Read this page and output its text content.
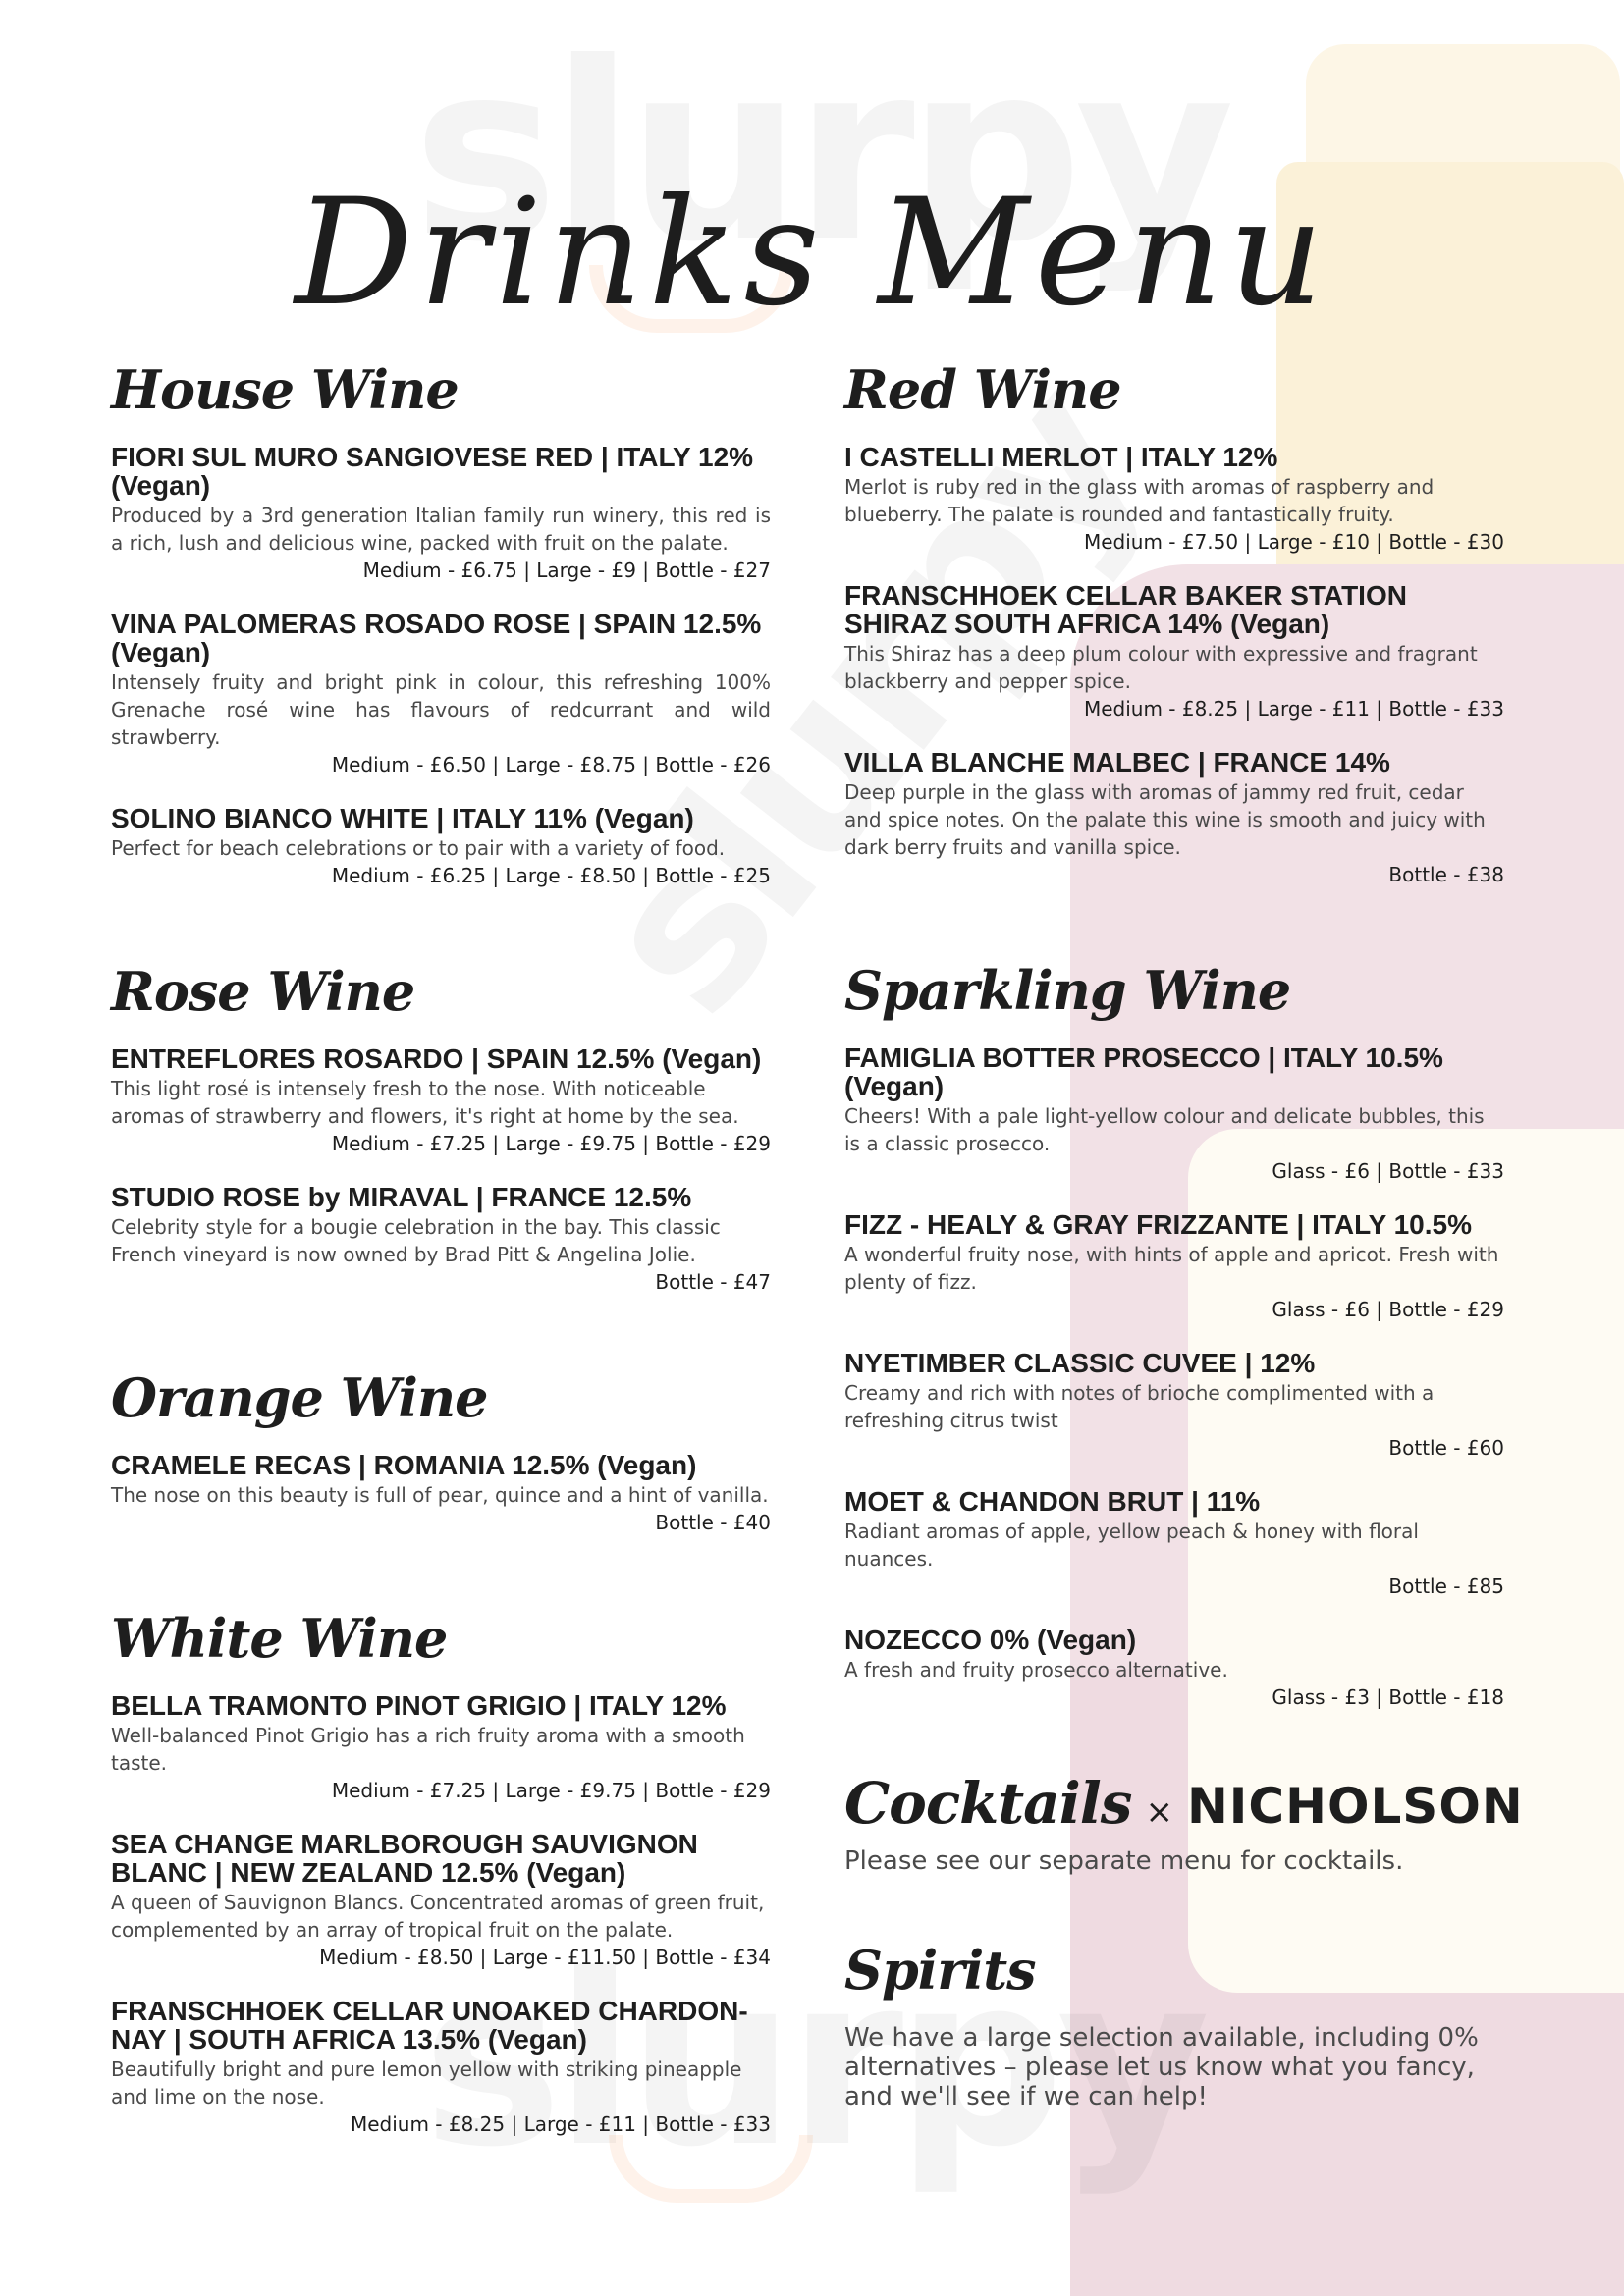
Drinks Menu
House Wine

FIORI SUL MURO SANGIOVESE RED | ITALY 12% (Vegan)

Produced by a 3rd generation Italian family run winery, this red is a rich, lush and delicious wine, packed with fruit on the palate.

Medium - £6.75 | Large - £9 | Bottle - £27

VINA PALOMERAS ROSADO ROSE | SPAIN 12.5% (Vegan)

Intensely fruity and bright pink in colour, this refreshing 100% Grenache rosé wine has flavours of redcurrant and wild strawberry.

Medium - £6.50 | Large - £8.75 | Bottle - £26

SOLINO BIANCO WHITE | ITALY 11% (Vegan)

Perfect for beach celebrations or to pair with a variety of food.

Medium - £6.25 | Large - £8.50 | Bottle - £25

Rose Wine

ENTREFLORES ROSARDO | SPAIN 12.5% (Vegan)

This light rosé is intensely fresh to the nose. With noticeable aromas of strawberry and flowers, it's right at home by the sea.

Medium - £7.25 | Large - £9.75 | Bottle - £29

STUDIO ROSE by MIRAVAL | FRANCE 12.5%

Celebrity style for a bougie celebration in the bay. This classic French vineyard is now owned by Brad Pitt & Angelina Jolie.

Bottle - £47

Orange Wine

CRAMELE RECAS | ROMANIA 12.5% (Vegan)

The nose on this beauty is full of pear, quince and a hint of vanilla.

Bottle - £40

White Wine

BELLA TRAMONTO PINOT GRIGIO | ITALY 12%

Well-balanced Pinot Grigio has a rich fruity aroma with a smooth taste.

Medium - £7.25 | Large - £9.75 | Bottle - £29

SEA CHANGE MARLBOROUGH SAUVIGNON BLANC | NEW ZEALAND 12.5% (Vegan)

A queen of Sauvignon Blancs. Concentrated aromas of green fruit, complemented by an array of tropical fruit on the palate.

Medium - £8.50 | Large - £11.50 | Bottle - £34

FRANSCHHOEK CELLAR UNOAKED CHARDON-NAY | SOUTH AFRICA 13.5% (Vegan)

Beautifully bright and pure lemon yellow with striking pineapple and lime on the nose.

Medium - £8.25 | Large - £11 | Bottle - £33

Red Wine

I CASTELLI MERLOT | ITALY 12%

Merlot is ruby red in the glass with aromas of raspberry and blueberry. The palate is rounded and fantastically fruity.

Medium - £7.50 | Large - £10 | Bottle - £30

FRANSCHHOEK CELLAR BAKER STATION SHIRAZ SOUTH AFRICA 14% (Vegan)

This Shiraz has a deep plum colour with expressive and fragrant blackberry and pepper spice.

Medium - £8.25 | Large - £11 | Bottle - £33

VILLA BLANCHE MALBEC | FRANCE 14%

Deep purple in the glass with aromas of jammy red fruit, cedar and spice notes. On the palate this wine is smooth and juicy with dark berry fruits and vanilla spice.

Bottle - £38

Sparkling Wine

FAMIGLIA BOTTER PROSECCO | ITALY 10.5% (Vegan)

Cheers! With a pale light-yellow colour and delicate bubbles, this is a classic prosecco.

Glass - £6 | Bottle - £33

FIZZ - HEALY & GRAY FRIZZANTE | ITALY 10.5%

A wonderful fruity nose, with hints of apple and apricot. Fresh with plenty of fizz.

Glass - £6 | Bottle - £29

NYETIMBER CLASSIC CUVEE | 12%

Creamy and rich with notes of brioche complimented with a refreshing citrus twist

Bottle - £60

MOET & CHANDON BRUT | 11%

Radiant aromas of apple, yellow peach & honey with floral nuances.

Bottle - £85

NOZECCO 0% (Vegan)

A fresh and fruity prosecco alternative.

Glass - £3 | Bottle - £18

Cocktails × NICHOLSON

Please see our separate menu for cocktails.

Spirits

We have a large selection available, including 0% alternatives – please let us know what you fancy, and we'll see if we can help!
